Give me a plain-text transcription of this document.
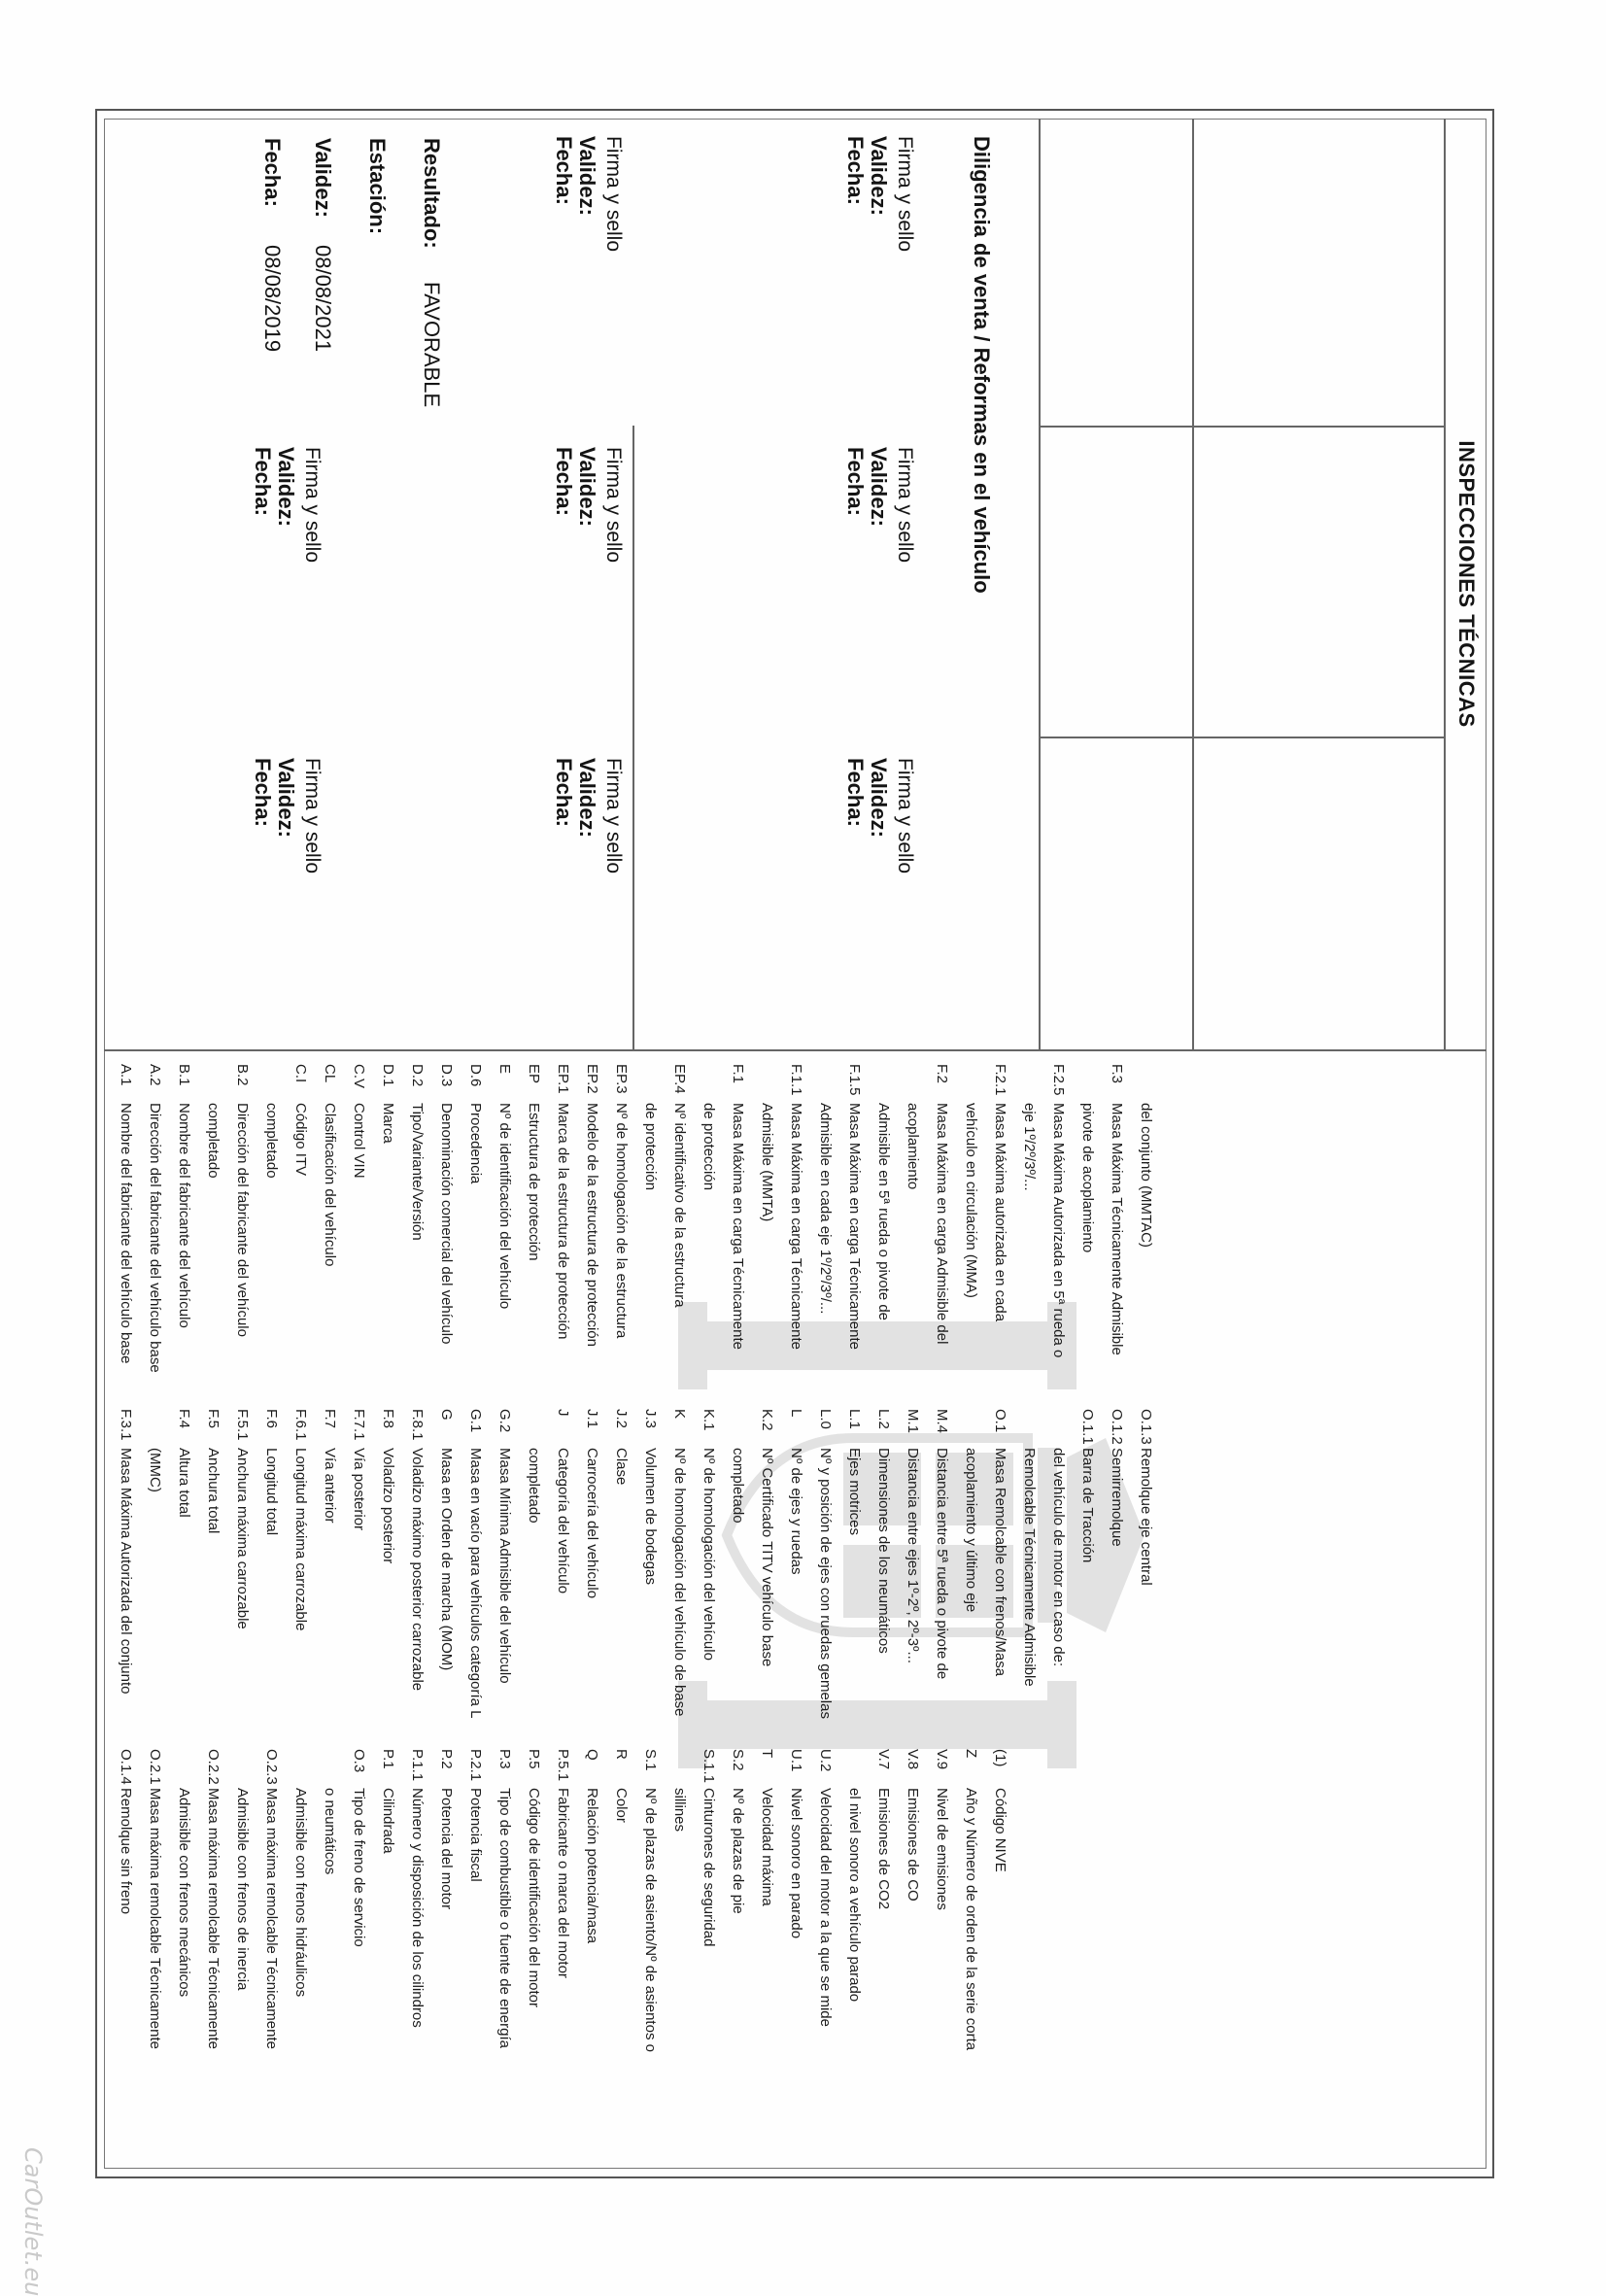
INSPECCIONES TÉCNICAS
Fecha:
08/08/2019
Validez:
08/08/2021
Estación: Resultado:
FAVORABLE
Fecha: Validez: Firma y sello
Fecha: Validez: Firma y sello
Fecha: Validez: Firma y sello
Fecha: Validez: Firma y sello
Fecha: Validez: Firma y sello
Fecha: Validez: Firma y sello
Fecha: Validez: Firma y sello
Fecha: Validez: Firma y sello
Diligencia de venta / Reformas en el vehículo
A.1Nombre del fabricante del vehículo base
A.2Dirección del fabricante del vehículo base
B.1Nombre del fabricante del vehículo completado
B.2Dirección del fabricante del vehículo completado
C.ICódigo ITV
CLClasificación del vehículo
C.VControl VIN
D.1Marca
D.2Tipo/Variante/Versión
D.3Denominación comercial del vehículo
D.6Procedencia
ENº de identificación del vehículo
EPEstructura de protección
EP.1Marca de la estructura de protección
EP.2Modelo de la estructura de protección
EP.3Nº de homologación de la estructura de protección
EP.4Nº identificativo de la estructura de protección
F.1Masa Máxima en carga Técnicamente Admisible (MMTA)
F.1.1Masa Máxima en carga Técnicamente Admisible en cada eje 1º/2º/3º/...
F.1.5Masa Máxima en carga Técnicamente Admisible en 5ª rueda o pivote de acoplamiento
F.2Masa Máxima en carga Admisible del vehículo en circulación (MMA)
F.2.1Masa Máxima autorizada en cada eje 1º/2º/3º/...
F.2.5Masa Máxima Autorizada en 5ª rueda o pivote de acoplamiento
F.3Masa Máxima Técnicamente Admisible del conjunto (MMTAC)
F.3.1Masa Máxima Autorizada del conjunto (MMC)
F.4Altura total
F.5Anchura total
F.5.1Anchura máxima carrozable
F.6Longitud total
F.6.1Longitud máxima carrozable
F.7Vía anterior
F.7.1Vía posterior
F.8Voladizo posterior
F.8.1Voladizo máximo posterior carrozable
GMasa en Orden de marcha (MOM)
G.1Masa en vacío para vehículos categoría L
G.2Masa Mínima Admisible del vehículo completado
JCategoría del vehículo
J.1Carrocería del vehículo
J.2Clase
J.3Volumen de bodegas
KNº de homologación del vehículo de base
K.1Nº de homologación del vehículo completado
K.2Nº Certificado TITV vehículo base
LNº de ejes y ruedas
L.0Nº y posición de ejes con ruedas gemelas
L.1Ejes motrices
L.2Dimensiones de los neumáticos
M.1Distancia entre ejes 1º-2º, 2º-3º...
M.4Distancia entre 5ª rueda o pivote de acoplamiento y último eje
O.1Masa Remolcable con frenos/Masa Remolcable Técnicamente Admisible del vehículo de motor en caso de:
O.1.1Barra de Tracción
O.1.2Semirremolque
O.1.3Remolque eje central
O.1.4Remolque sin freno
O.2.1Masa máxima remolcable Técnicamente Admisible con frenos mecánicos
O.2.2Masa máxima remolcable Técnicamente Admisible con frenos de inercia
O.2.3Masa máxima remolcable Técnicamente Admisible con frenos hidráulicos o neumáticos
O.3Tipo de freno de servicio
P.1Cilindrada
P.1.1Número y disposición de los cilindros
P.2Potencia del motor
P.2.1Potencia fiscal
P.3Tipo de combustible o fuente de energía
P.5Código de identificación del motor
P.5.1Fabricante o marca del motor
QRelación potencia/masa
RColor
S.1Nº de plazas de asiento/Nº de asientos o sillines
S.1.1Cinturones de seguridad
S.2Nº de plazas de pie
TVelocidad máxima
U.1Nivel sonoro en parado
U.2Velocidad del motor a la que se mide el nivel sonoro a vehículo parado
V.7Emisiones de CO2
V.8Emisiones de CO
V.9Nivel de emisiones
ZAño y Número de orden de la serie corta
(1)Código NIVE
CarOutlet.eu
